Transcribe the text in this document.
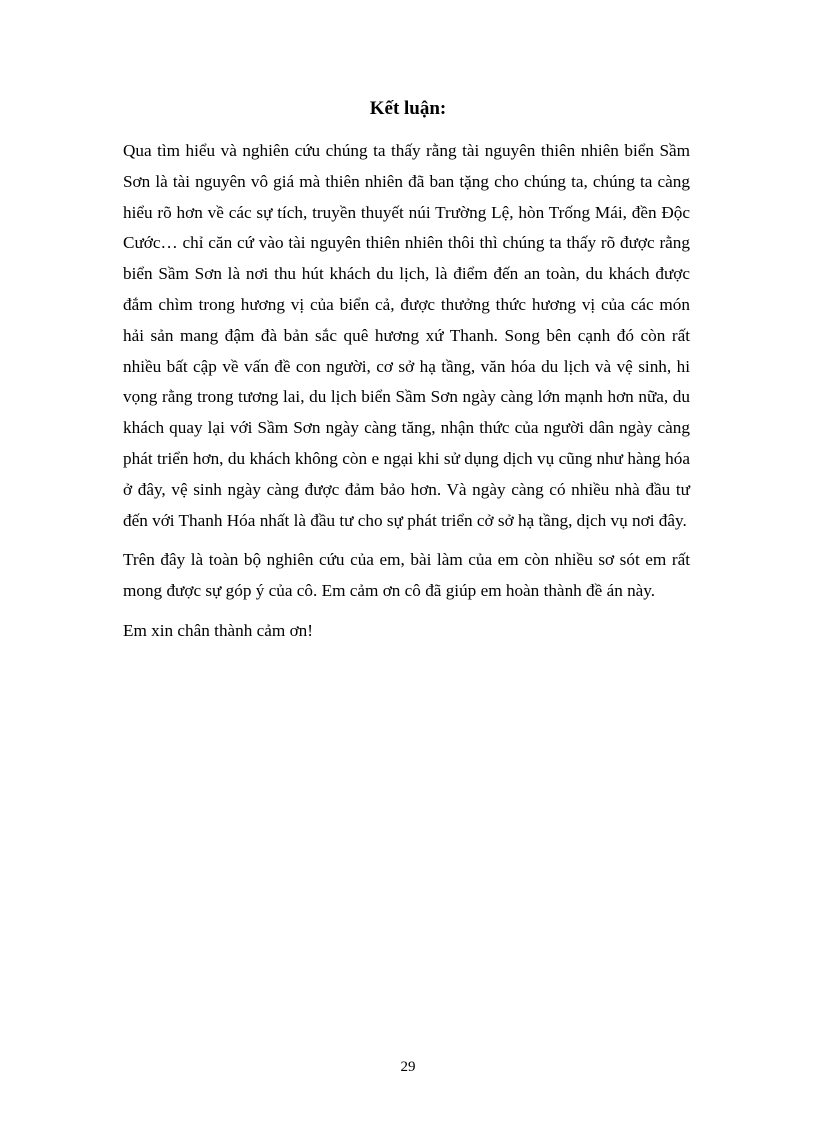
Kết luận:

Qua tìm hiểu và nghiên cứu chúng ta thấy rằng tài nguyên thiên nhiên biển Sầm Sơn là tài nguyên vô giá mà thiên nhiên đã ban tặng cho chúng ta, chúng ta càng hiểu rõ hơn về các sự tích, truyền thuyết núi Trường Lệ, hòn Trống Mái, đền Độc Cước… chỉ căn cứ vào tài nguyên thiên nhiên thôi thì chúng ta thấy rõ được rằng biển Sầm Sơn là nơi thu hút khách du lịch, là điểm đến an toàn, du khách được đắm chìm trong hương vị của biển cả, được thưởng thức hương vị của các món hải sản mang đậm đà bản sắc quê hương xứ Thanh. Song bên cạnh đó còn rất nhiều bất cập về vấn đề con người, cơ sở hạ tầng, văn hóa du lịch và vệ sinh, hi vọng rằng trong tương lai, du lịch biển Sầm Sơn ngày càng lớn mạnh hơn nữa, du khách quay lại với Sầm Sơn ngày càng tăng, nhận thức của người dân ngày càng phát triển hơn, du khách không còn e ngại khi sử dụng dịch vụ cũng như hàng hóa ở đây, vệ sinh ngày càng được đảm bảo hơn. Và ngày càng có nhiều nhà đầu tư đến với Thanh Hóa nhất là đầu tư cho sự phát triển cở sở hạ tầng, dịch vụ nơi đây.

Trên đây là toàn bộ nghiên cứu của em, bài làm của em còn nhiều sơ sót em rất mong được sự góp ý của cô. Em cảm ơn cô đã giúp em hoàn thành đề án này.

Em xin chân thành cảm ơn!

29
